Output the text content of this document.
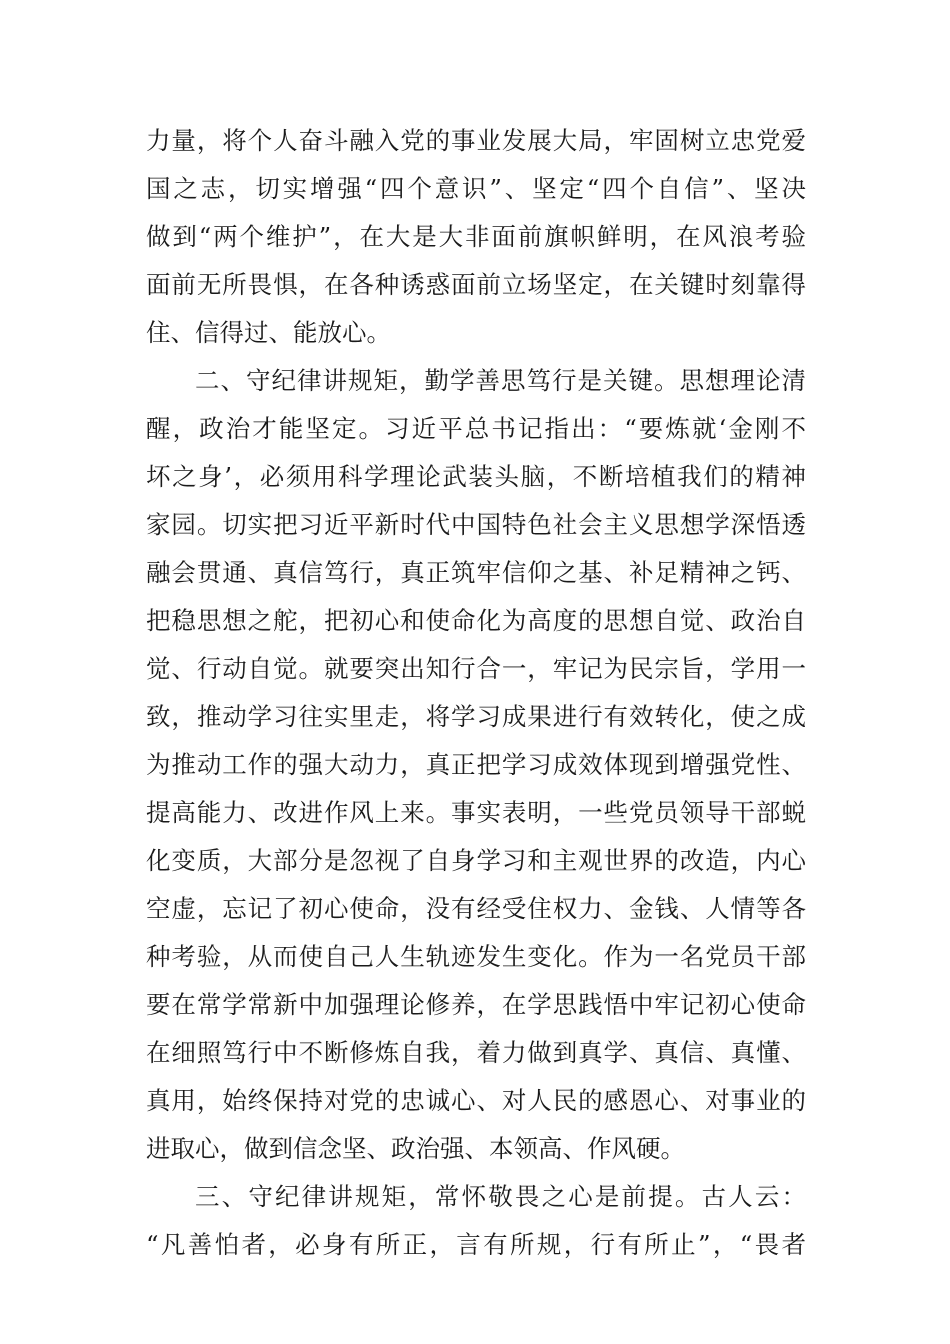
力量，将个人奋斗融入党的事业发展大局，牢固树立忠党爱
国之志，切实增强“四个意识”、坚定“四个自信”、坚决
做到“两个维护”，在大是大非面前旗帜鲜明，在风浪考验
面前无所畏惧，在各种诱惑面前立场坚定，在关键时刻靠得
住、信得过、能放心。
二、守纪律讲规矩，勤学善思笃行是关键。思想理论清
醒，政治才能坚定。习近平总书记指出：“要炼就‘金刚不
坏之身’，必须用科学理论武装头脑，不断培植我们的精神
家园。切实把习近平新时代中国特色社会主义思想学深悟透
融会贯通、真信笃行，真正筑牢信仰之基、补足精神之钙、
把稳思想之舵，把初心和使命化为高度的思想自觉、政治自
觉、行动自觉。就要突出知行合一，牢记为民宗旨，学用一
致，推动学习往实里走，将学习成果进行有效转化，使之成
为推动工作的强大动力，真正把学习成效体现到增强党性、
提高能力、改进作风上来。事实表明，一些党员领导干部蜕
化变质，大部分是忽视了自身学习和主观世界的改造，内心
空虚，忘记了初心使命，没有经受住权力、金钱、人情等各
种考验，从而使自己人生轨迹发生变化。作为一名党员干部
要在常学常新中加强理论修养，在学思践悟中牢记初心使命
在细照笃行中不断修炼自我，着力做到真学、真信、真懂、
真用，始终保持对党的忠诚心、对人民的感恩心、对事业的
进取心，做到信念坚、政治强、本领高、作风硬。
三、守纪律讲规矩，常怀敬畏之心是前提。古人云：
“凡善怕者，必身有所正，言有所规，行有所止”，“畏者
